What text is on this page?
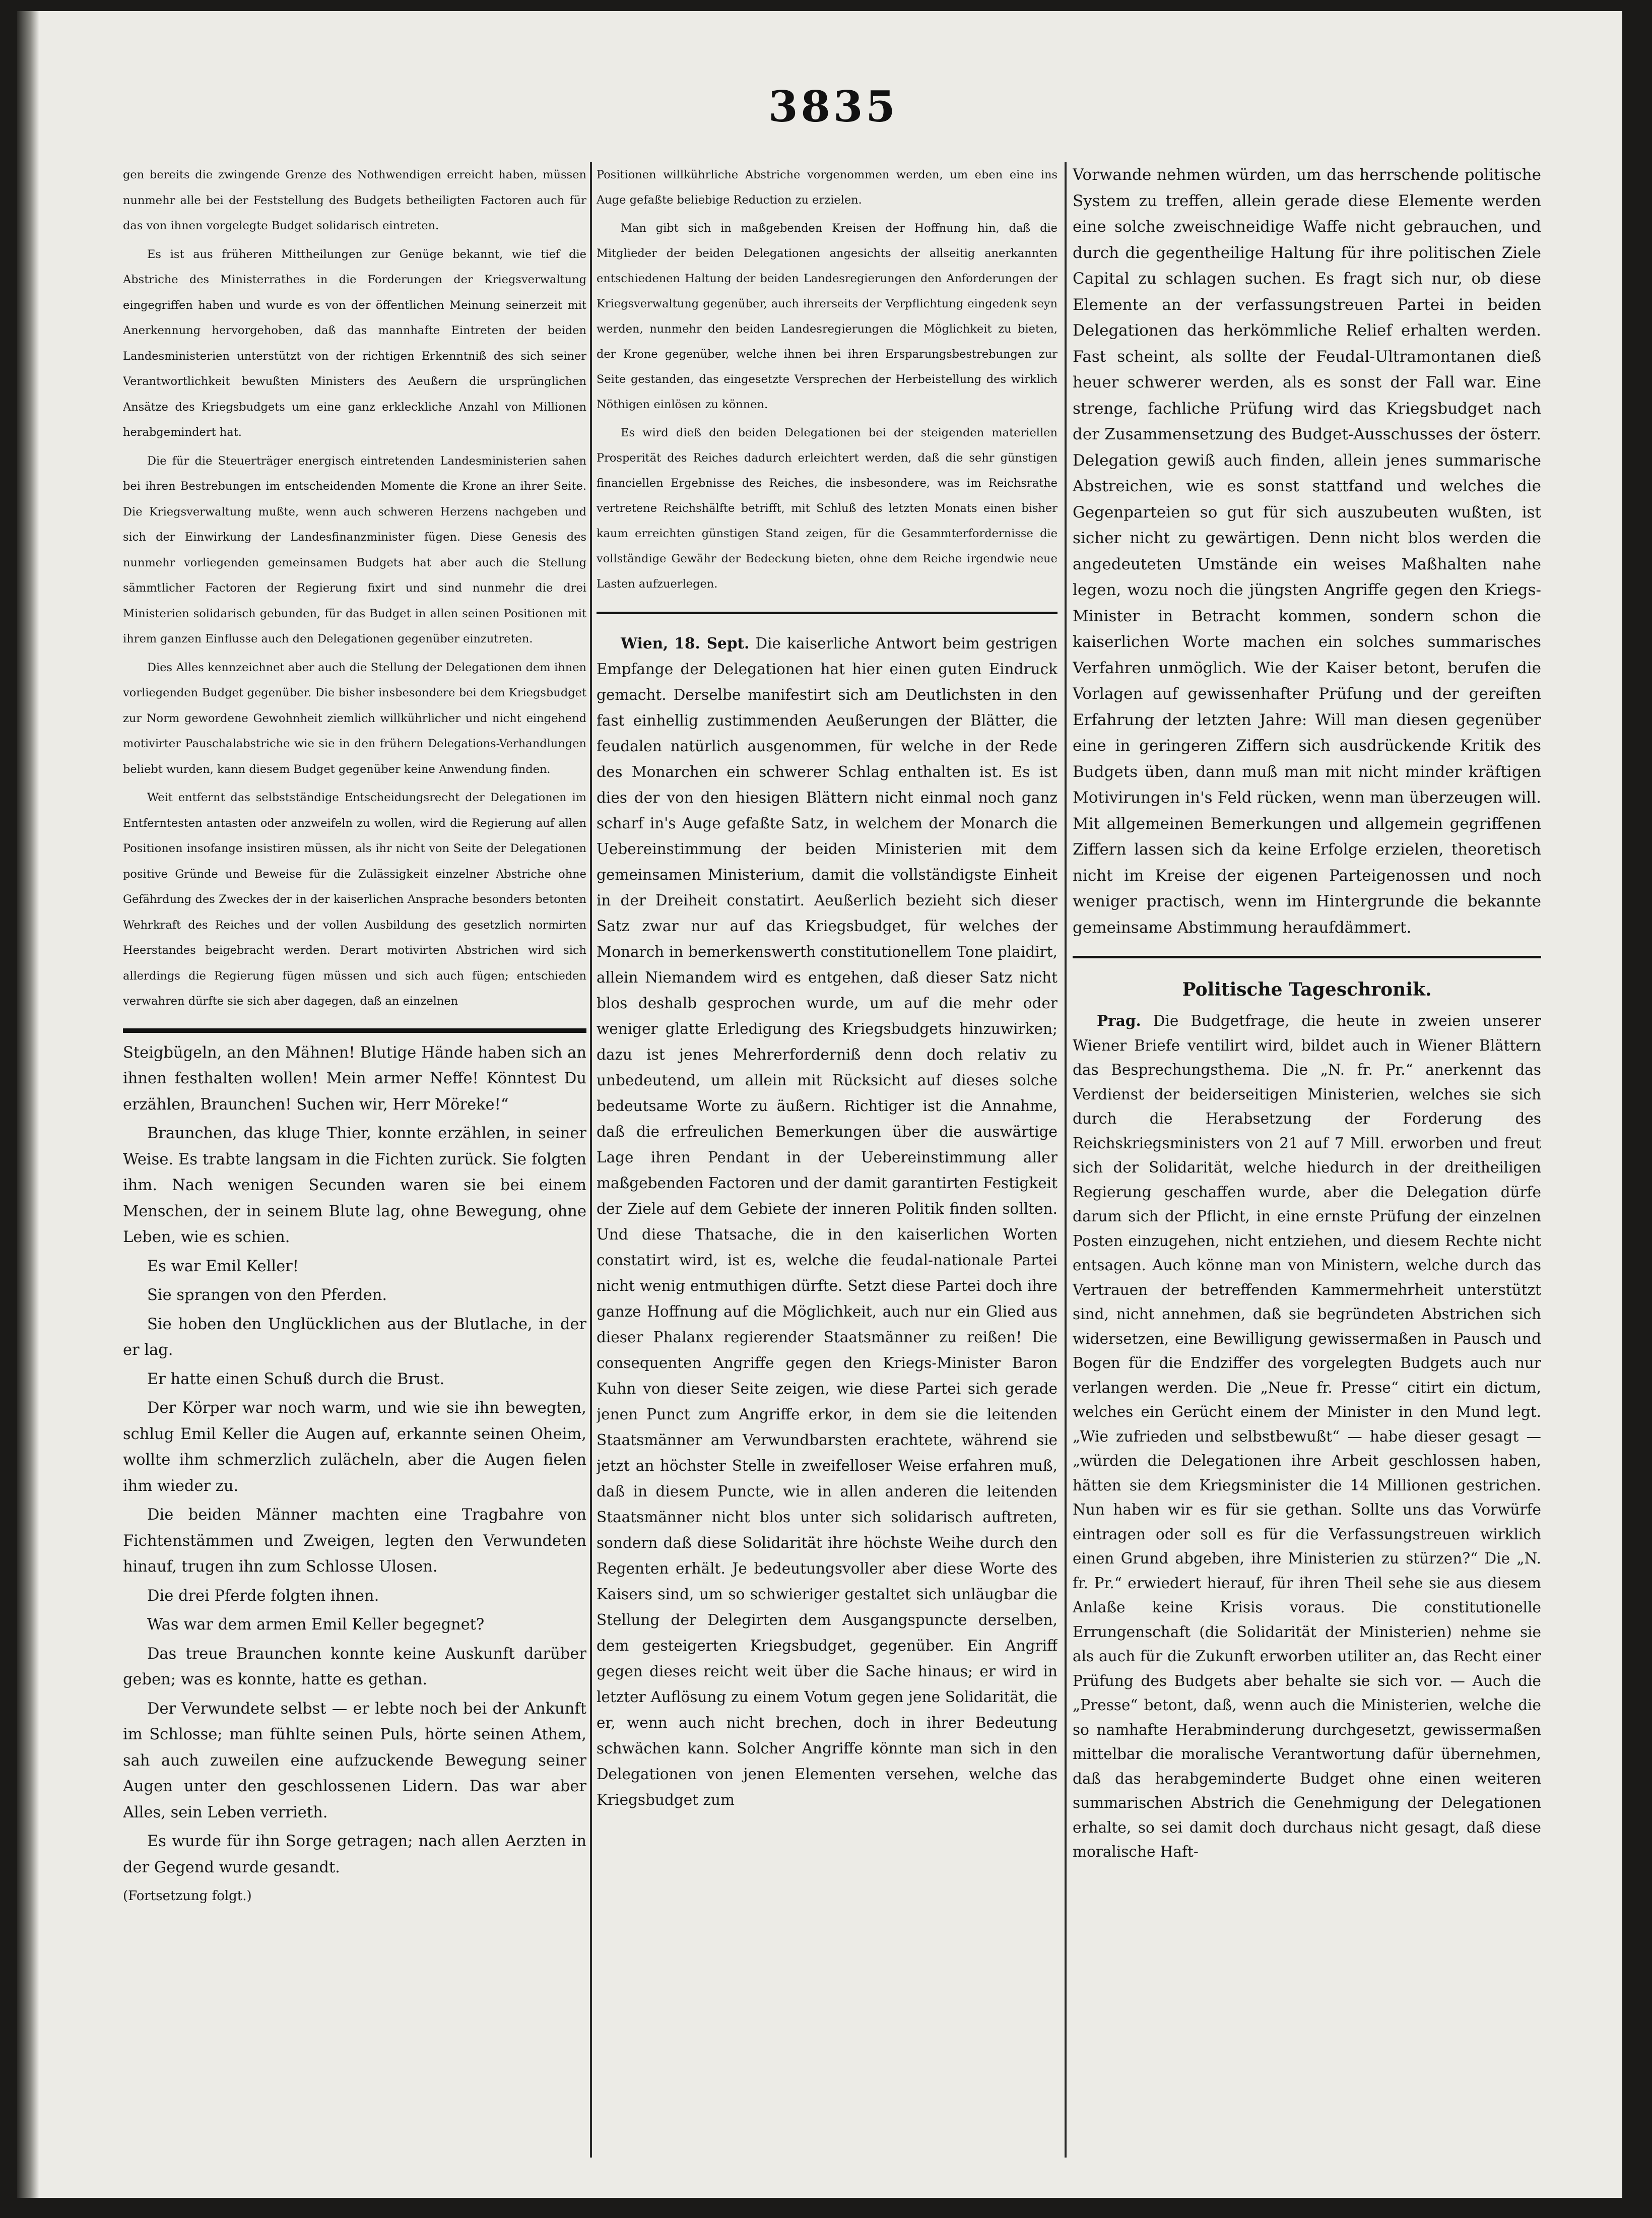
3835

gen bereits die zwingende Grenze des Nothwendigen erreicht haben, müssen nunmehr alle bei der Feststellung des Budgets betheiligten Factoren auch für das von ihnen vorgelegte Budget solidarisch eintreten.

Es ist aus früheren Mittheilungen zur Genüge bekannt, wie tief die Abstriche des Ministerrathes in die Forderungen der Kriegsverwaltung eingegriffen haben und wurde es von der öffentlichen Meinung seinerzeit mit Anerkennung hervorgehoben, daß das mannhafte Eintreten der beiden Landesministerien unterstützt von der richtigen Erkenntniß des sich seiner Verantwortlichkeit bewußten Ministers des Aeußern die ursprünglichen Ansätze des Kriegsbudgets um eine ganz erkleckliche Anzahl von Millionen herabgemindert hat.

Die für die Steuerträger energisch eintretenden Landesministerien sahen bei ihren Bestrebungen im entscheidenden Momente die Krone an ihrer Seite. Die Kriegsverwaltung mußte, wenn auch schweren Herzens nachgeben und sich der Einwirkung der Landesfinanzminister fügen. Diese Genesis des nunmehr vorliegenden gemeinsamen Budgets hat aber auch die Stellung sämmtlicher Factoren der Regierung fixirt und sind nunmehr die drei Ministerien solidarisch gebunden, für das Budget in allen seinen Positionen mit ihrem ganzen Einflusse auch den Delegationen gegenüber einzutreten.

Dies Alles kennzeichnet aber auch die Stellung der Delegationen dem ihnen vorliegenden Budget gegenüber. Die bisher insbesondere bei dem Kriegsbudget zur Norm gewordene Gewohnheit ziemlich willkührlicher und nicht eingehend motivirter Pauschalabstriche wie sie in den frühern Delegations-Verhandlungen beliebt wurden, kann diesem Budget gegenüber keine Anwendung finden.

Weit entfernt das selbstständige Entscheidungsrecht der Delegationen im Entferntesten antasten oder anzweifeln zu wollen, wird die Regierung auf allen Positionen insofange insistiren müssen, als ihr nicht von Seite der Delegationen positive Gründe und Beweise für die Zulässigkeit einzelner Abstriche ohne Gefährdung des Zweckes der in der kaiserlichen Ansprache besonders betonten Wehrkraft des Reiches und der vollen Ausbildung des gesetzlich normirten Heerstandes beigebracht werden. Derart motivirten Abstrichen wird sich allerdings die Regierung fügen müssen und sich auch fügen; entschieden verwahren dürfte sie sich aber dagegen, daß an einzelnen

Steigbügeln, an den Mähnen! Blutige Hände haben sich an ihnen festhalten wollen! Mein armer Neffe! Könntest Du erzählen, Braunchen! Suchen wir, Herr Möreke!“

Braunchen, das kluge Thier, konnte erzählen, in seiner Weise. Es trabte langsam in die Fichten zurück. Sie folgten ihm. Nach wenigen Secunden waren sie bei einem Menschen, der in seinem Blute lag, ohne Bewegung, ohne Leben, wie es schien.

Es war Emil Keller!

Sie sprangen von den Pferden.

Sie hoben den Unglücklichen aus der Blutlache, in der er lag.

Er hatte einen Schuß durch die Brust.

Der Körper war noch warm, und wie sie ihn bewegten, schlug Emil Keller die Augen auf, erkannte seinen Oheim, wollte ihm schmerzlich zulächeln, aber die Augen fielen ihm wieder zu.

Die beiden Männer machten eine Tragbahre von Fichtenstämmen und Zweigen, legten den Verwundeten hinauf, trugen ihn zum Schlosse Ulosen.

Die drei Pferde folgten ihnen.

Was war dem armen Emil Keller begegnet?

Das treue Braunchen konnte keine Auskunft darüber geben; was es konnte, hatte es gethan.

Der Verwundete selbst — er lebte noch bei der Ankunft im Schlosse; man fühlte seinen Puls, hörte seinen Athem, sah auch zuweilen eine aufzuckende Bewegung seiner Augen unter den geschlossenen Lidern. Das war aber Alles, sein Leben verrieth.

Es wurde für ihn Sorge getragen; nach allen Aerzten in der Gegend wurde gesandt.

(Fortsetzung folgt.)

Positionen willkührliche Abstriche vorgenommen werden, um eben eine ins Auge gefaßte beliebige Reduction zu erzielen.

Man gibt sich in maßgebenden Kreisen der Hoffnung hin, daß die Mitglieder der beiden Delegationen angesichts der allseitig anerkannten entschiedenen Haltung der beiden Landesregierungen den Anforderungen der Kriegsverwaltung gegenüber, auch ihrerseits der Verpflichtung eingedenk seyn werden, nunmehr den beiden Landesregierungen die Möglichkeit zu bieten, der Krone gegenüber, welche ihnen bei ihren Ersparungsbestrebungen zur Seite gestanden, das eingesetzte Versprechen der Herbeistellung des wirklich Nöthigen einlösen zu können.

Es wird dieß den beiden Delegationen bei der steigenden materiellen Prosperität des Reiches dadurch erleichtert werden, daß die sehr günstigen financiellen Ergebnisse des Reiches, die insbesondere, was im Reichsrathe vertretene Reichshälfte betrifft, mit Schluß des letzten Monats einen bisher kaum erreichten günstigen Stand zeigen, für die Gesammterfordernisse die vollständige Gewähr der Bedeckung bieten, ohne dem Reiche irgendwie neue Lasten aufzuerlegen.

Wien, 18. Sept. Die kaiserliche Antwort beim gestrigen Empfange der Delegationen hat hier einen guten Eindruck gemacht. Derselbe manifestirt sich am Deutlichsten in den fast einhellig zustimmenden Aeußerungen der Blätter, die feudalen natürlich ausgenommen, für welche in der Rede des Monarchen ein schwerer Schlag enthalten ist. Es ist dies der von den hiesigen Blättern nicht einmal noch ganz scharf in's Auge gefaßte Satz, in welchem der Monarch die Uebereinstimmung der beiden Ministerien mit dem gemeinsamen Ministerium, damit die vollständigste Einheit in der Dreiheit constatirt. Aeußerlich bezieht sich dieser Satz zwar nur auf das Kriegsbudget, für welches der Monarch in bemerkenswerth constitutionellem Tone plaidirt, allein Niemandem wird es entgehen, daß dieser Satz nicht blos deshalb gesprochen wurde, um auf die mehr oder weniger glatte Erledigung des Kriegsbudgets hinzuwirken; dazu ist jenes Mehrerforderniß denn doch relativ zu unbedeutend, um allein mit Rücksicht auf dieses solche bedeutsame Worte zu äußern. Richtiger ist die Annahme, daß die erfreulichen Bemerkungen über die auswärtige Lage ihren Pendant in der Uebereinstimmung aller maßgebenden Factoren und der damit garantirten Festigkeit der Ziele auf dem Gebiete der inneren Politik finden sollten. Und diese Thatsache, die in den kaiserlichen Worten constatirt wird, ist es, welche die feudal-nationale Partei nicht wenig entmuthigen dürfte. Setzt diese Partei doch ihre ganze Hoffnung auf die Möglichkeit, auch nur ein Glied aus dieser Phalanx regierender Staatsmänner zu reißen! Die consequenten Angriffe gegen den Kriegs-Minister Baron Kuhn von dieser Seite zeigen, wie diese Partei sich gerade jenen Punct zum Angriffe erkor, in dem sie die leitenden Staatsmänner am Verwundbarsten erachtete, während sie jetzt an höchster Stelle in zweifelloser Weise erfahren muß, daß in diesem Puncte, wie in allen anderen die leitenden Staatsmänner nicht blos unter sich solidarisch auftreten, sondern daß diese Solidarität ihre höchste Weihe durch den Regenten erhält. Je bedeutungsvoller aber diese Worte des Kaisers sind, um so schwieriger gestaltet sich unläugbar die Stellung der Delegirten dem Ausgangspuncte derselben, dem gesteigerten Kriegsbudget, gegenüber. Ein Angriff gegen dieses reicht weit über die Sache hinaus; er wird in letzter Auflösung zu einem Votum gegen jene Solidarität, die er, wenn auch nicht brechen, doch in ihrer Bedeutung schwächen kann. Solcher Angriffe könnte man sich in den Delegationen von jenen Elementen versehen, welche das Kriegsbudget zum

Vorwande nehmen würden, um das herrschende politische System zu treffen, allein gerade diese Elemente werden eine solche zweischneidige Waffe nicht gebrauchen, und durch die gegentheilige Haltung für ihre politischen Ziele Capital zu schlagen suchen. Es fragt sich nur, ob diese Elemente an der verfassungstreuen Partei in beiden Delegationen das herkömmliche Relief erhalten werden. Fast scheint, als sollte der Feudal-Ultramontanen dieß heuer schwerer werden, als es sonst der Fall war. Eine strenge, fachliche Prüfung wird das Kriegsbudget nach der Zusammensetzung des Budget-Ausschusses der österr. Delegation gewiß auch finden, allein jenes summarische Abstreichen, wie es sonst stattfand und welches die Gegenparteien so gut für sich auszubeuten wußten, ist sicher nicht zu gewärtigen. Denn nicht blos werden die angedeuteten Umstände ein weises Maßhalten nahe legen, wozu noch die jüngsten Angriffe gegen den Kriegs-Minister in Betracht kommen, sondern schon die kaiserlichen Worte machen ein solches summarisches Verfahren unmöglich. Wie der Kaiser betont, berufen die Vorlagen auf gewissenhafter Prüfung und der gereiften Erfahrung der letzten Jahre: Will man diesen gegenüber eine in geringeren Ziffern sich ausdrückende Kritik des Budgets üben, dann muß man mit nicht minder kräftigen Motivirungen in's Feld rücken, wenn man überzeugen will. Mit allgemeinen Bemerkungen und allgemein gegriffenen Ziffern lassen sich da keine Erfolge erzielen, theoretisch nicht im Kreise der eigenen Parteigenossen und noch weniger practisch, wenn im Hintergrunde die bekannte gemeinsame Abstimmung heraufdämmert.

Politische Tageschronik.

Prag. Die Budgetfrage, die heute in zweien unserer Wiener Briefe ventilirt wird, bildet auch in Wiener Blättern das Besprechungsthema. Die „N. fr. Pr.“ anerkennt das Verdienst der beiderseitigen Ministerien, welches sie sich durch die Herabsetzung der Forderung des Reichskriegsministers von 21 auf 7 Mill. erworben und freut sich der Solidarität, welche hiedurch in der dreitheiligen Regierung geschaffen wurde, aber die Delegation dürfe darum sich der Pflicht, in eine ernste Prüfung der einzelnen Posten einzugehen, nicht entziehen, und diesem Rechte nicht entsagen. Auch könne man von Ministern, welche durch das Vertrauen der betreffenden Kammermehrheit unterstützt sind, nicht annehmen, daß sie begründeten Abstrichen sich widersetzen, eine Bewilligung gewissermaßen in Pausch und Bogen für die Endziffer des vorgelegten Budgets auch nur verlangen werden. Die „Neue fr. Presse“ citirt ein dictum, welches ein Gerücht einem der Minister in den Mund legt. „Wie zufrieden und selbstbewußt“ — habe dieser gesagt — „würden die Delegationen ihre Arbeit geschlossen haben, hätten sie dem Kriegsminister die 14 Millionen gestrichen. Nun haben wir es für sie gethan. Sollte uns das Vorwürfe eintragen oder soll es für die Verfassungstreuen wirklich einen Grund abgeben, ihre Ministerien zu stürzen?“ Die „N. fr. Pr.“ erwiedert hierauf, für ihren Theil sehe sie aus diesem Anlaße keine Krisis voraus. Die constitutionelle Errungenschaft (die Solidarität der Ministerien) nehme sie als auch für die Zukunft erworben utiliter an, das Recht einer Prüfung des Budgets aber behalte sie sich vor. — Auch die „Presse“ betont, daß, wenn auch die Ministerien, welche die so namhafte Herabminderung durchgesetzt, gewissermaßen mittelbar die moralische Verantwortung dafür übernehmen, daß das herabgeminderte Budget ohne einen weiteren summarischen Abstrich die Genehmigung der Delegationen erhalte, so sei damit doch durchaus nicht gesagt, daß diese moralische Haft-
